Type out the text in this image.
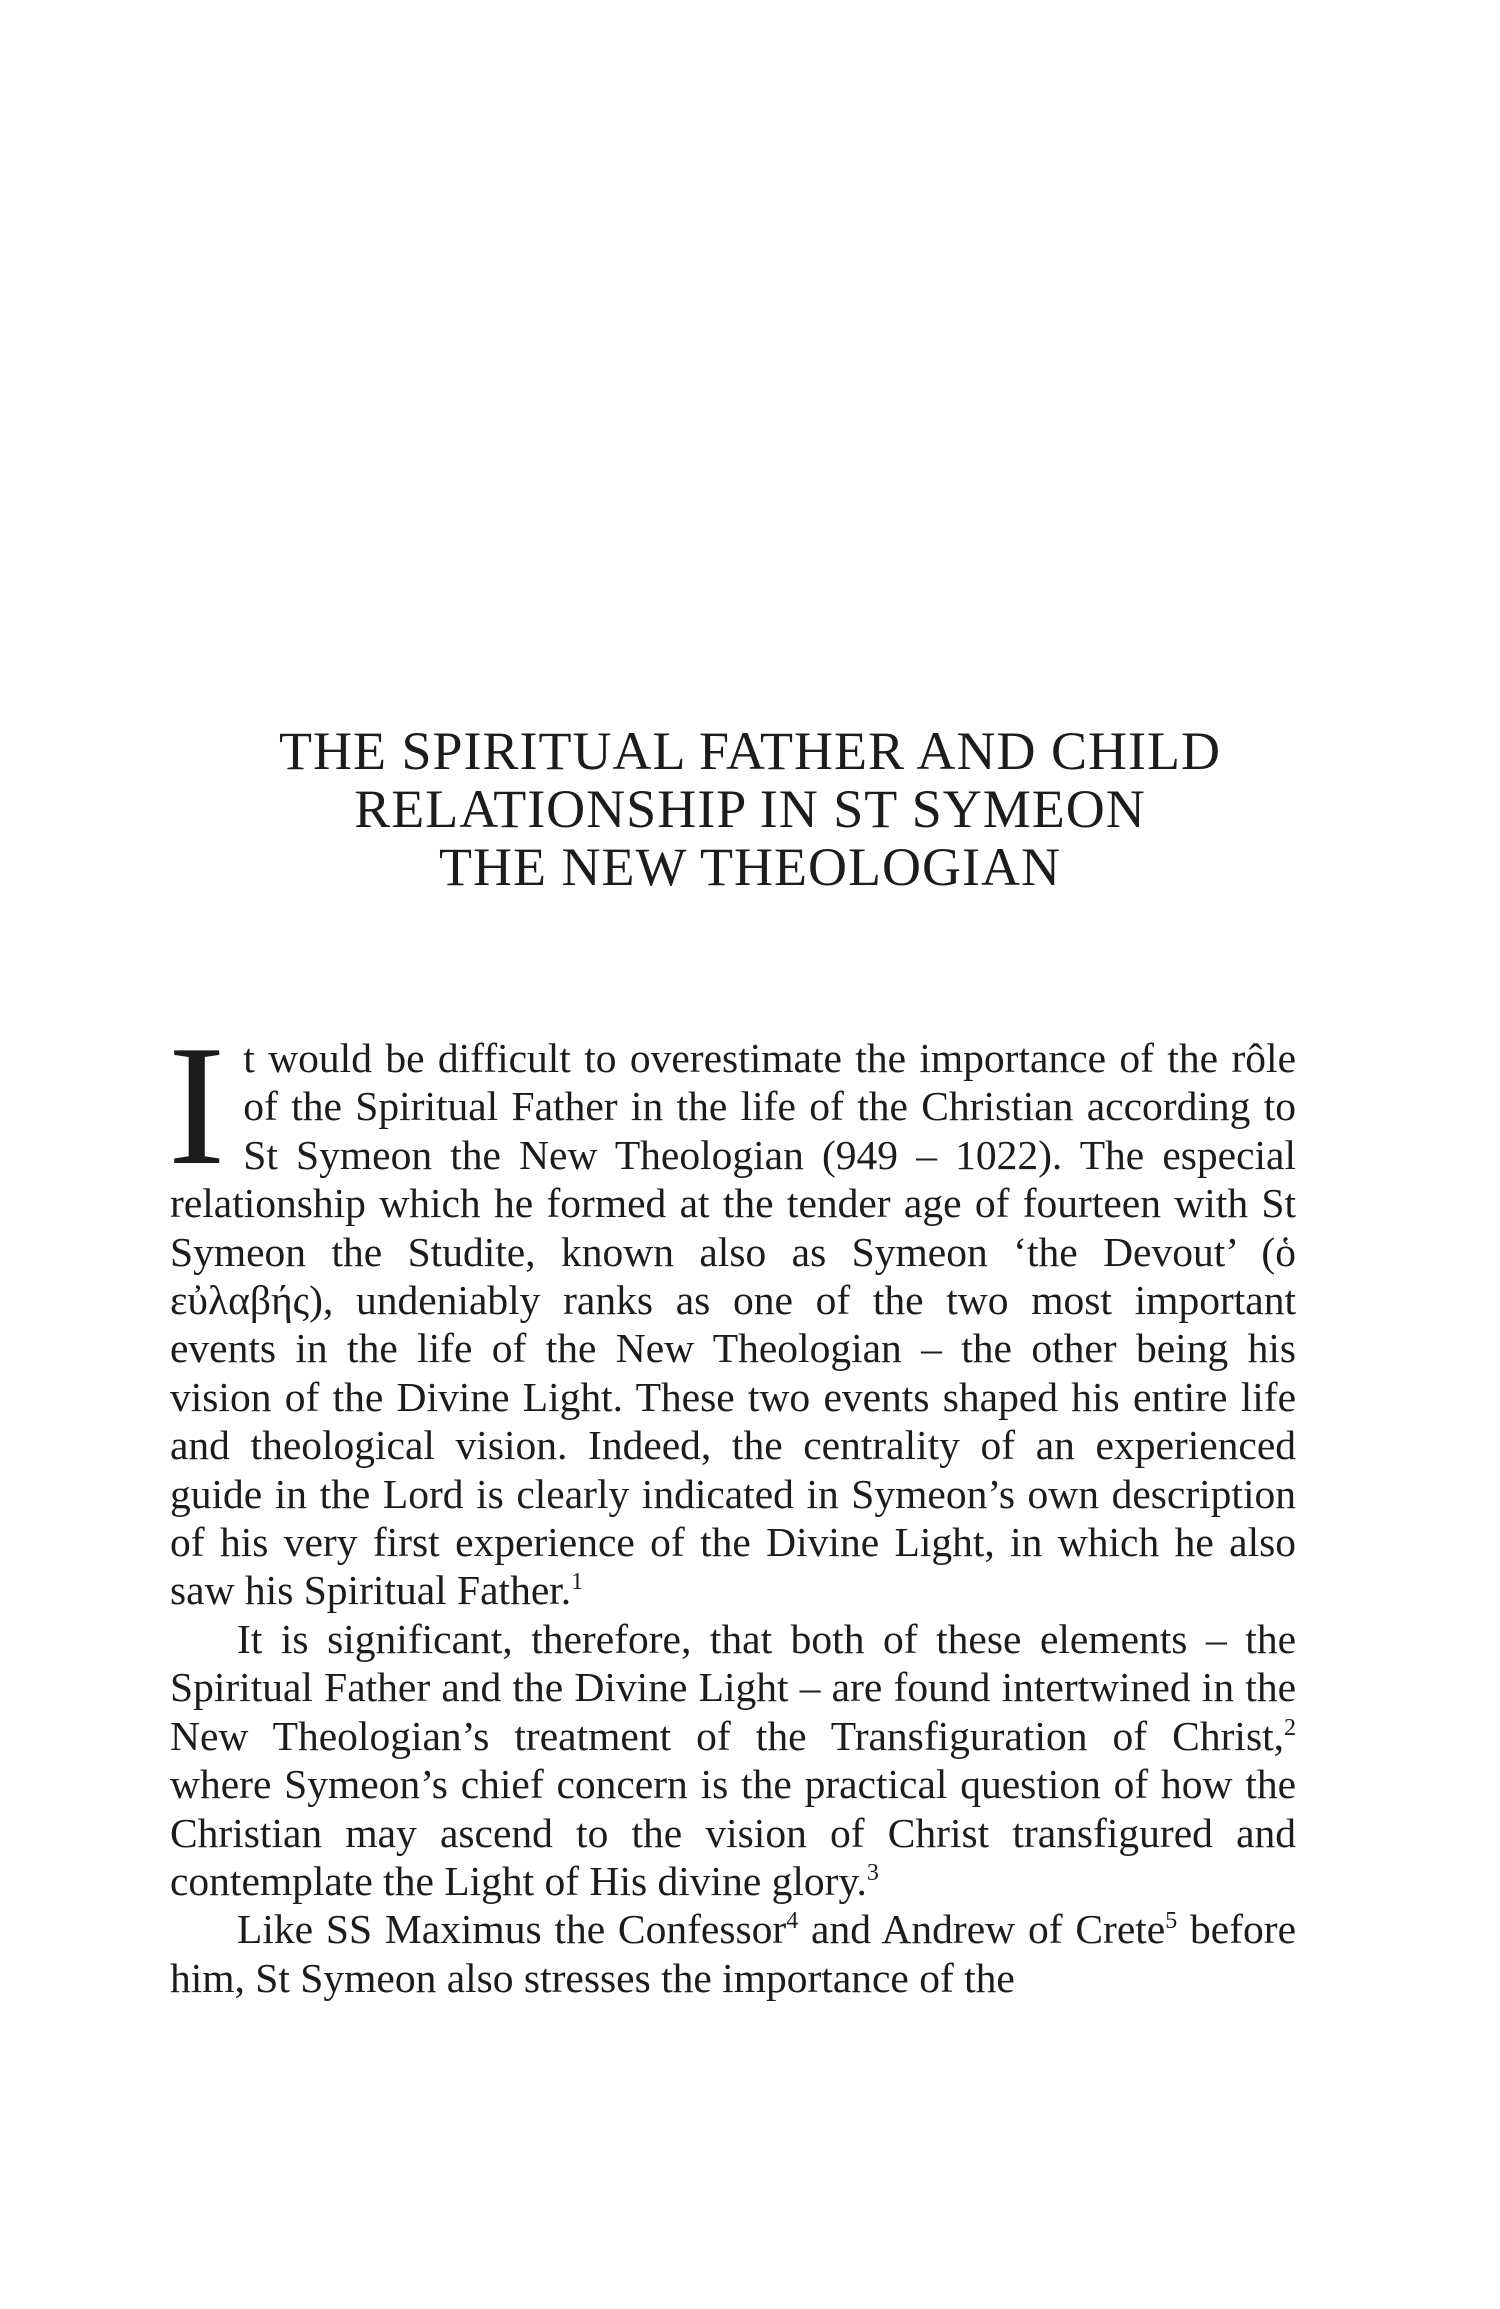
THE SPIRITUAL FATHER AND CHILD
RELATIONSHIP IN ST SYMEON
THE NEW THEOLOGIAN

It would be difficult to overestimate the importance of the rôle of the Spiritual Father in the life of the Christian according to St Symeon the New Theologian (949 – 1022). The especial relationship which he formed at the tender age of fourteen with St Symeon the Studite, known also as Symeon ‘the Devout’ (ὁ εὐλαβής), undeniably ranks as one of the two most important events in the life of the New Theologian – the other being his vision of the Divine Light. These two events shaped his entire life and theological vision. Indeed, the centrality of an experienced guide in the Lord is clearly indicated in Symeon’s own description of his very first experience of the Divine Light, in which he also saw his Spiritual Father.$^1$

It is significant, therefore, that both of these elements – the Spiritual Father and the Divine Light – are found intertwined in the New Theologian’s treatment of the Transfiguration of Christ,$^2$ where Symeon’s chief concern is the practical question of how the Christian may ascend to the vision of Christ transfigured and contemplate the Light of His divine glory.$^3$

Like SS Maximus the Confessor$^4$ and Andrew of Crete$^5$ before him, St Symeon also stresses the importance of the
